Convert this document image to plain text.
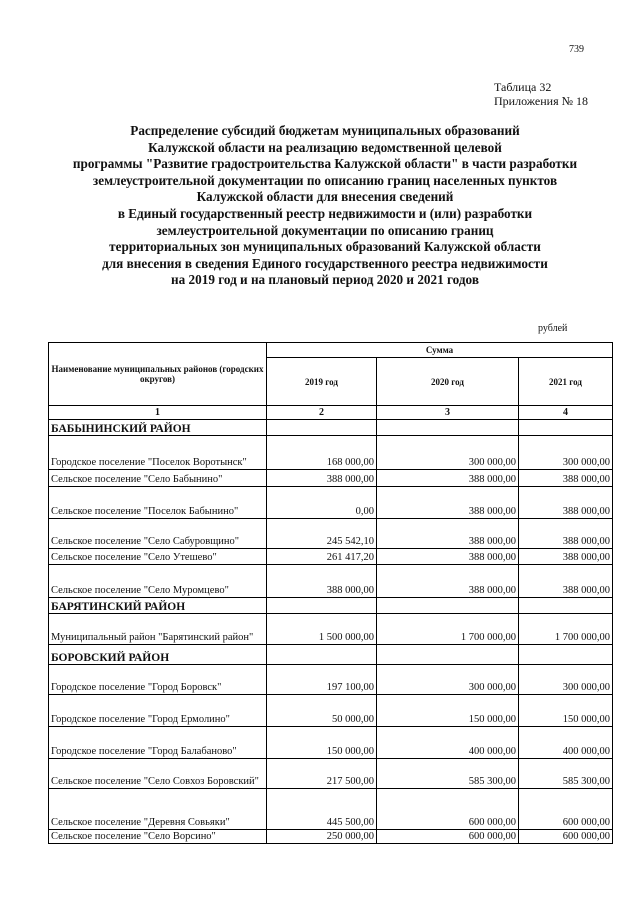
739
Таблица 32
Приложения № 18
Распределение субсидий бюджетам муниципальных образований
Калужской области на реализацию ведомственной целевой
программы "Развитие градостроительства Калужской области" в части разработки
землеустроительной документации по описанию границ населенных пунктов
Калужской области для внесения сведений
в Единый государственный реестр недвижимости и (или) разработки
землеустроительной документации по описанию границ
территориальных зон муниципальных образований Калужской области
для внесения в сведения Единого государственного реестра недвижимости
на 2019 год и на плановый период 2020 и 2021 годов
рублей
Наименование муниципальных районов (городских округов)	Сумма		
	2019 год	2020 год	2021 год
1	2	3	4
БАБЫНИНСКИЙ РАЙОН			
Городское поселение "Поселок Воротынск"	168 000,00	300 000,00	300 000,00
Сельское поселение "Село Бабынино"	388 000,00	388 000,00	388 000,00
Сельское поселение "Поселок Бабынино"	0,00	388 000,00	388 000,00
Сельское поселение "Село Сабуровщино"	245 542,10	388 000,00	388 000,00
Сельское поселение "Село Утешево"	261 417,20	388 000,00	388 000,00
Сельское поселение "Село Муромцево"	388 000,00	388 000,00	388 000,00
БАРЯТИНСКИЙ РАЙОН			
Муниципальный район "Барятинский район"	1 500 000,00	1 700 000,00	1 700 000,00
БОРОВСКИЙ РАЙОН			
Городское поселение "Город Боровск"	197 100,00	300 000,00	300 000,00
Городское поселение "Город Ермолино"	50 000,00	150 000,00	150 000,00
Городское поселение "Город Балабаново"	150 000,00	400 000,00	400 000,00
Сельское поселение "Село Совхоз Боровский"	217 500,00	585 300,00	585 300,00
Сельское поселение "Деревня Совьяки"	445 500,00	600 000,00	600 000,00
Сельское поселение "Село Ворсино"	250 000,00	600 000,00	600 000,00
